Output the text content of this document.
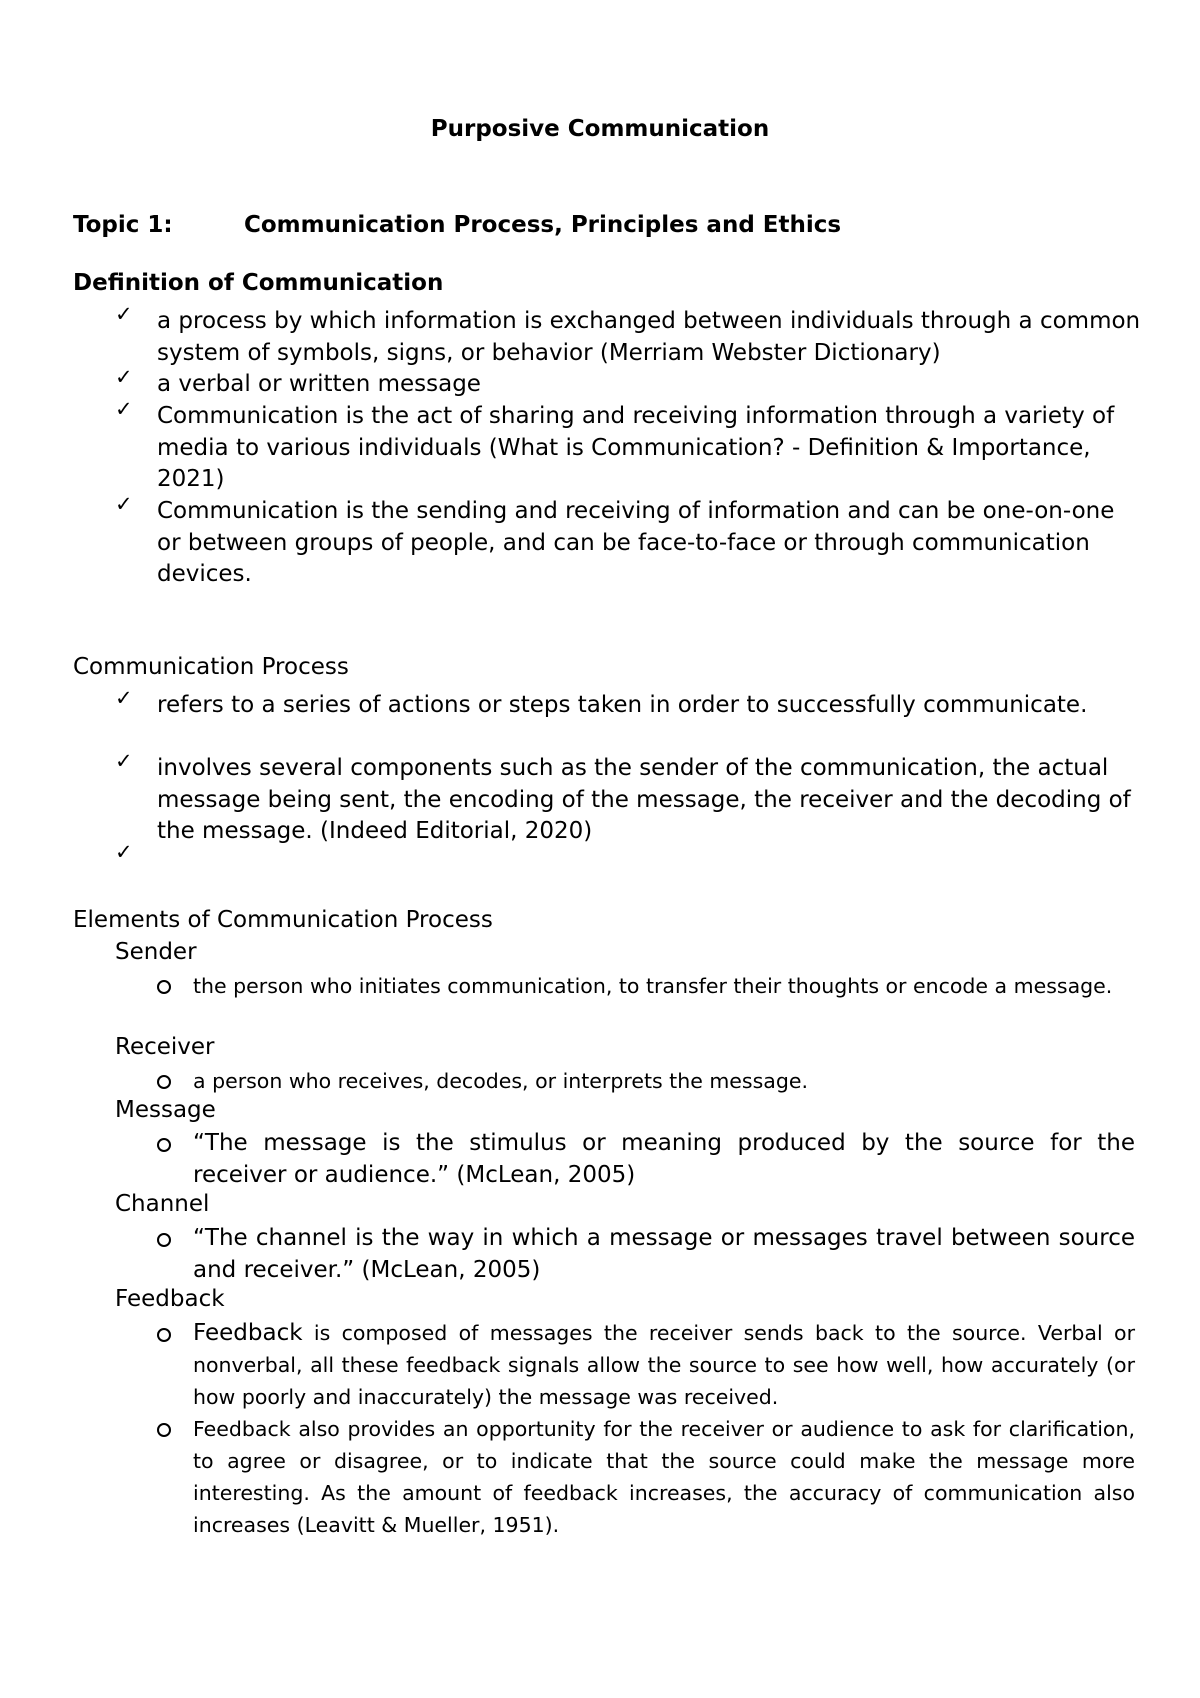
Purposive Communication
Topic 1:	Communication Process, Principles and Ethics
Definition of Communication
✓ a process by which information is exchanged between individuals through a common system of symbols, signs, or behavior (Merriam Webster Dictionary)
✓ a verbal or written message
✓ Communication is the act of sharing and receiving information through a variety of media to various individuals (What is Communication? - Definition & Importance, 2021)
✓ Communication is the sending and receiving of information and can be one-on-one or between groups of people, and can be face-to-face or through communication devices.
Communication Process
✓ refers to a series of actions or steps taken in order to successfully communicate.
✓ involves several components such as the sender of the communication, the actual message being sent, the encoding of the message, the receiver and the decoding of the message. (Indeed Editorial, 2020)
✓
Elements of Communication Process
Sender
the person who initiates communication, to transfer their thoughts or encode a message.
Receiver
a person who receives, decodes, or interprets the message.
Message
“The message is the stimulus or meaning produced by the source for the receiver or audience.” (McLean, 2005)
Channel
“The channel is the way in which a message or messages travel between source and receiver.” (McLean, 2005)
Feedback
Feedback is composed of messages the receiver sends back to the source. Verbal or nonverbal, all these feedback signals allow the source to see how well, how accurately (or how poorly and inaccurately) the message was received.
Feedback also provides an opportunity for the receiver or audience to ask for clarification, to agree or disagree, or to indicate that the source could make the message more interesting. As the amount of feedback increases, the accuracy of communication also increases (Leavitt & Mueller, 1951).
